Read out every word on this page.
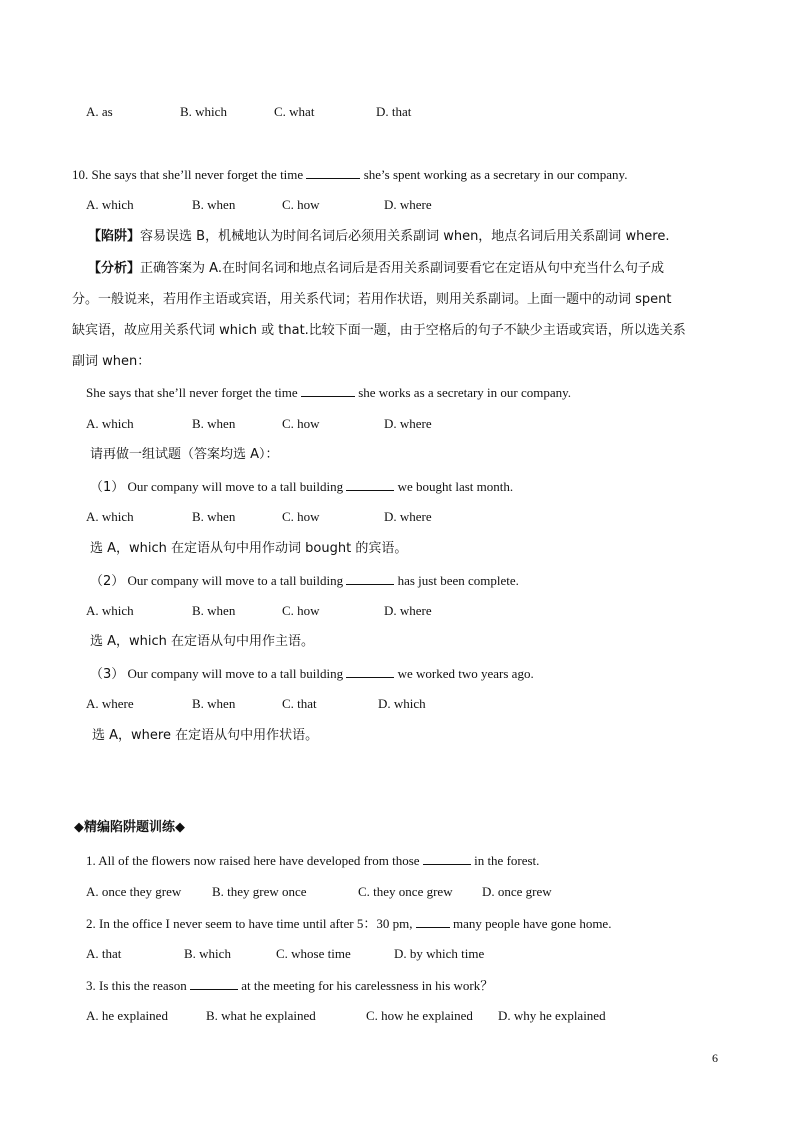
A. as	B. which	C. what	D. that
10. She says that she’ll never forget the time	she’s spent working as a secretary in our company.
A. which	B. when	C. how	D. where
【陷阱】容易误选 B，机械地认为时间名词后必须用关系副词 when，地点名词后用关系副词 where.
【分析】正确答案为 A.在时间名词和地点名词后是否用关系副词要看它在定语从句中充当什么句子成
分。一般说来，若用作主语或宾语，用关系代词；若用作状语，则用关系副词。上面一题中的动词 spent
缺宾语，故应用关系代词 which 或 that.比较下面一题，由于空格后的句子不缺少主语或宾语，所以选关系
副词 when：
She says that she’ll never forget the time	she works as a secretary in our company.
A. which	B. when	C. how	D. where
请再做一组试题（答案均选 A）：
（1） Our company will move to a tall building	we bought last month.
A. which	B. when	C. how	D. where
选 A，which 在定语从句中用作动词 bought 的宾语。
（2） Our company will move to a tall building	has just been complete.
A. which	B. when	C. how	D. where
选 A，which 在定语从句中用作主语。
（3） Our company will move to a tall building	we worked two years ago.
A. where	B. when	C. that	D. which
选 A，where 在定语从句中用作状语。
◆精编陷阱题训练◆
1. All of the flowers now raised here have developed from those	in the forest.
A. once they grew B. they grew once	C. they once grew D. once grew
2. In the office I never seem to have time until after 5：30 pm,	many people have gone home.
A. that	B. which	C. whose time	D. by which time
3. Is this the reason	at the meeting for his carelessness in his work？
A. he explained	B. what he explained	C. how he explained D. why he explained
6
